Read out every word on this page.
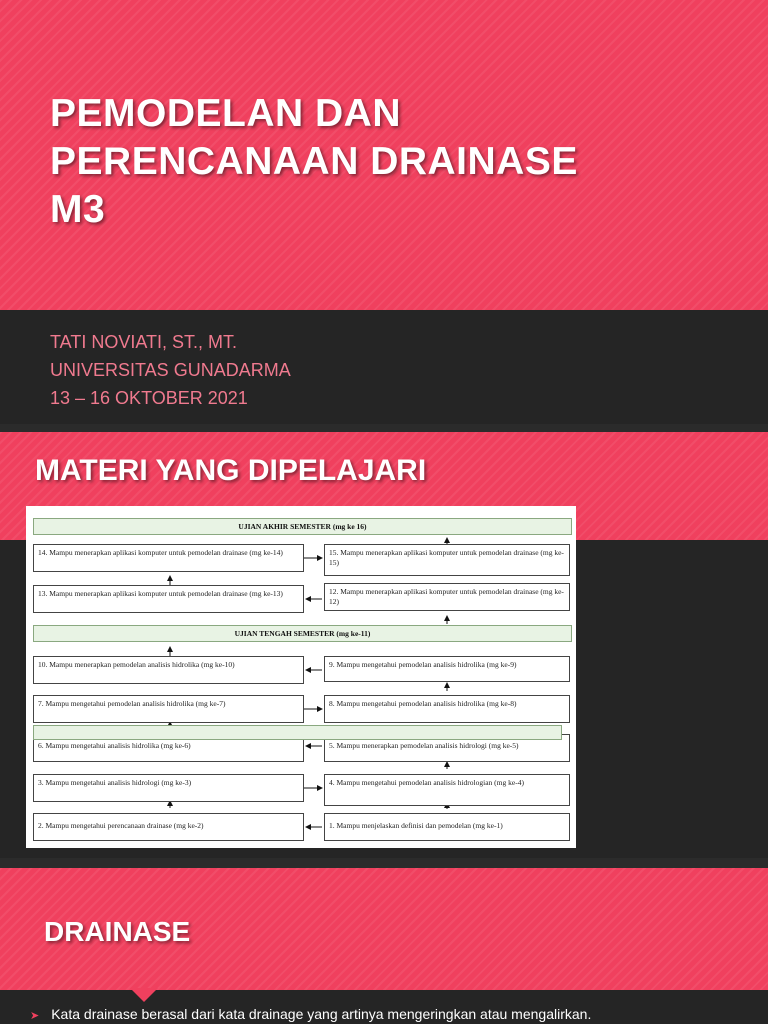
PEMODELAN DAN
PERENCANAAN DRAINASE
M3
TATI NOVIATI, ST., MT.
UNIVERSITAS GUNADARMA
13 – 16 OKTOBER 2021
MATERI YANG DIPELAJARI
UJIAN AKHIR SEMESTER (mg ke 16)
UJIAN TENGAH SEMESTER (mg ke-11)
14. Mampu menerapkan aplikasi komputer untuk pemodelan drainase (mg ke-14)	15. Mampu menerapkan aplikasi komputer untuk pemodelan drainase (mg ke-15)
13. Mampu menerapkan aplikasi komputer untuk pemodelan drainase (mg ke-13)	12. Mampu menerapkan aplikasi komputer untuk pemodelan drainase (mg ke-12)
10. Mampu menerapkan pemodelan analisis hidrolika (mg ke-10)	9. Mampu mengetahui pemodelan analisis hidrolika (mg ke-9)
7. Mampu mengetahui pemodelan analisis hidrolika (mg ke-7)	8. Mampu mengetahui pemodelan analisis hidrolika (mg ke-8)
6. Mampu mengetahui analisis hidrolika (mg ke-6)	5. Mampu menerapkan pemodelan analisis hidrologi (mg ke-5)
3. Mampu mengetahui analisis hidrologi (mg ke-3)	4. Mampu mengetahui pemodelan analisis hidrologian (mg ke-4)
2. Mampu mengetahui perencanaan drainase (mg ke-2)	1. Mampu menjelaskan definisi dan pemodelan (mg ke-1)
DRAINASE
➤ Kata drainase berasal dari kata drainage yang artinya mengeringkan atau mengalirkan.
